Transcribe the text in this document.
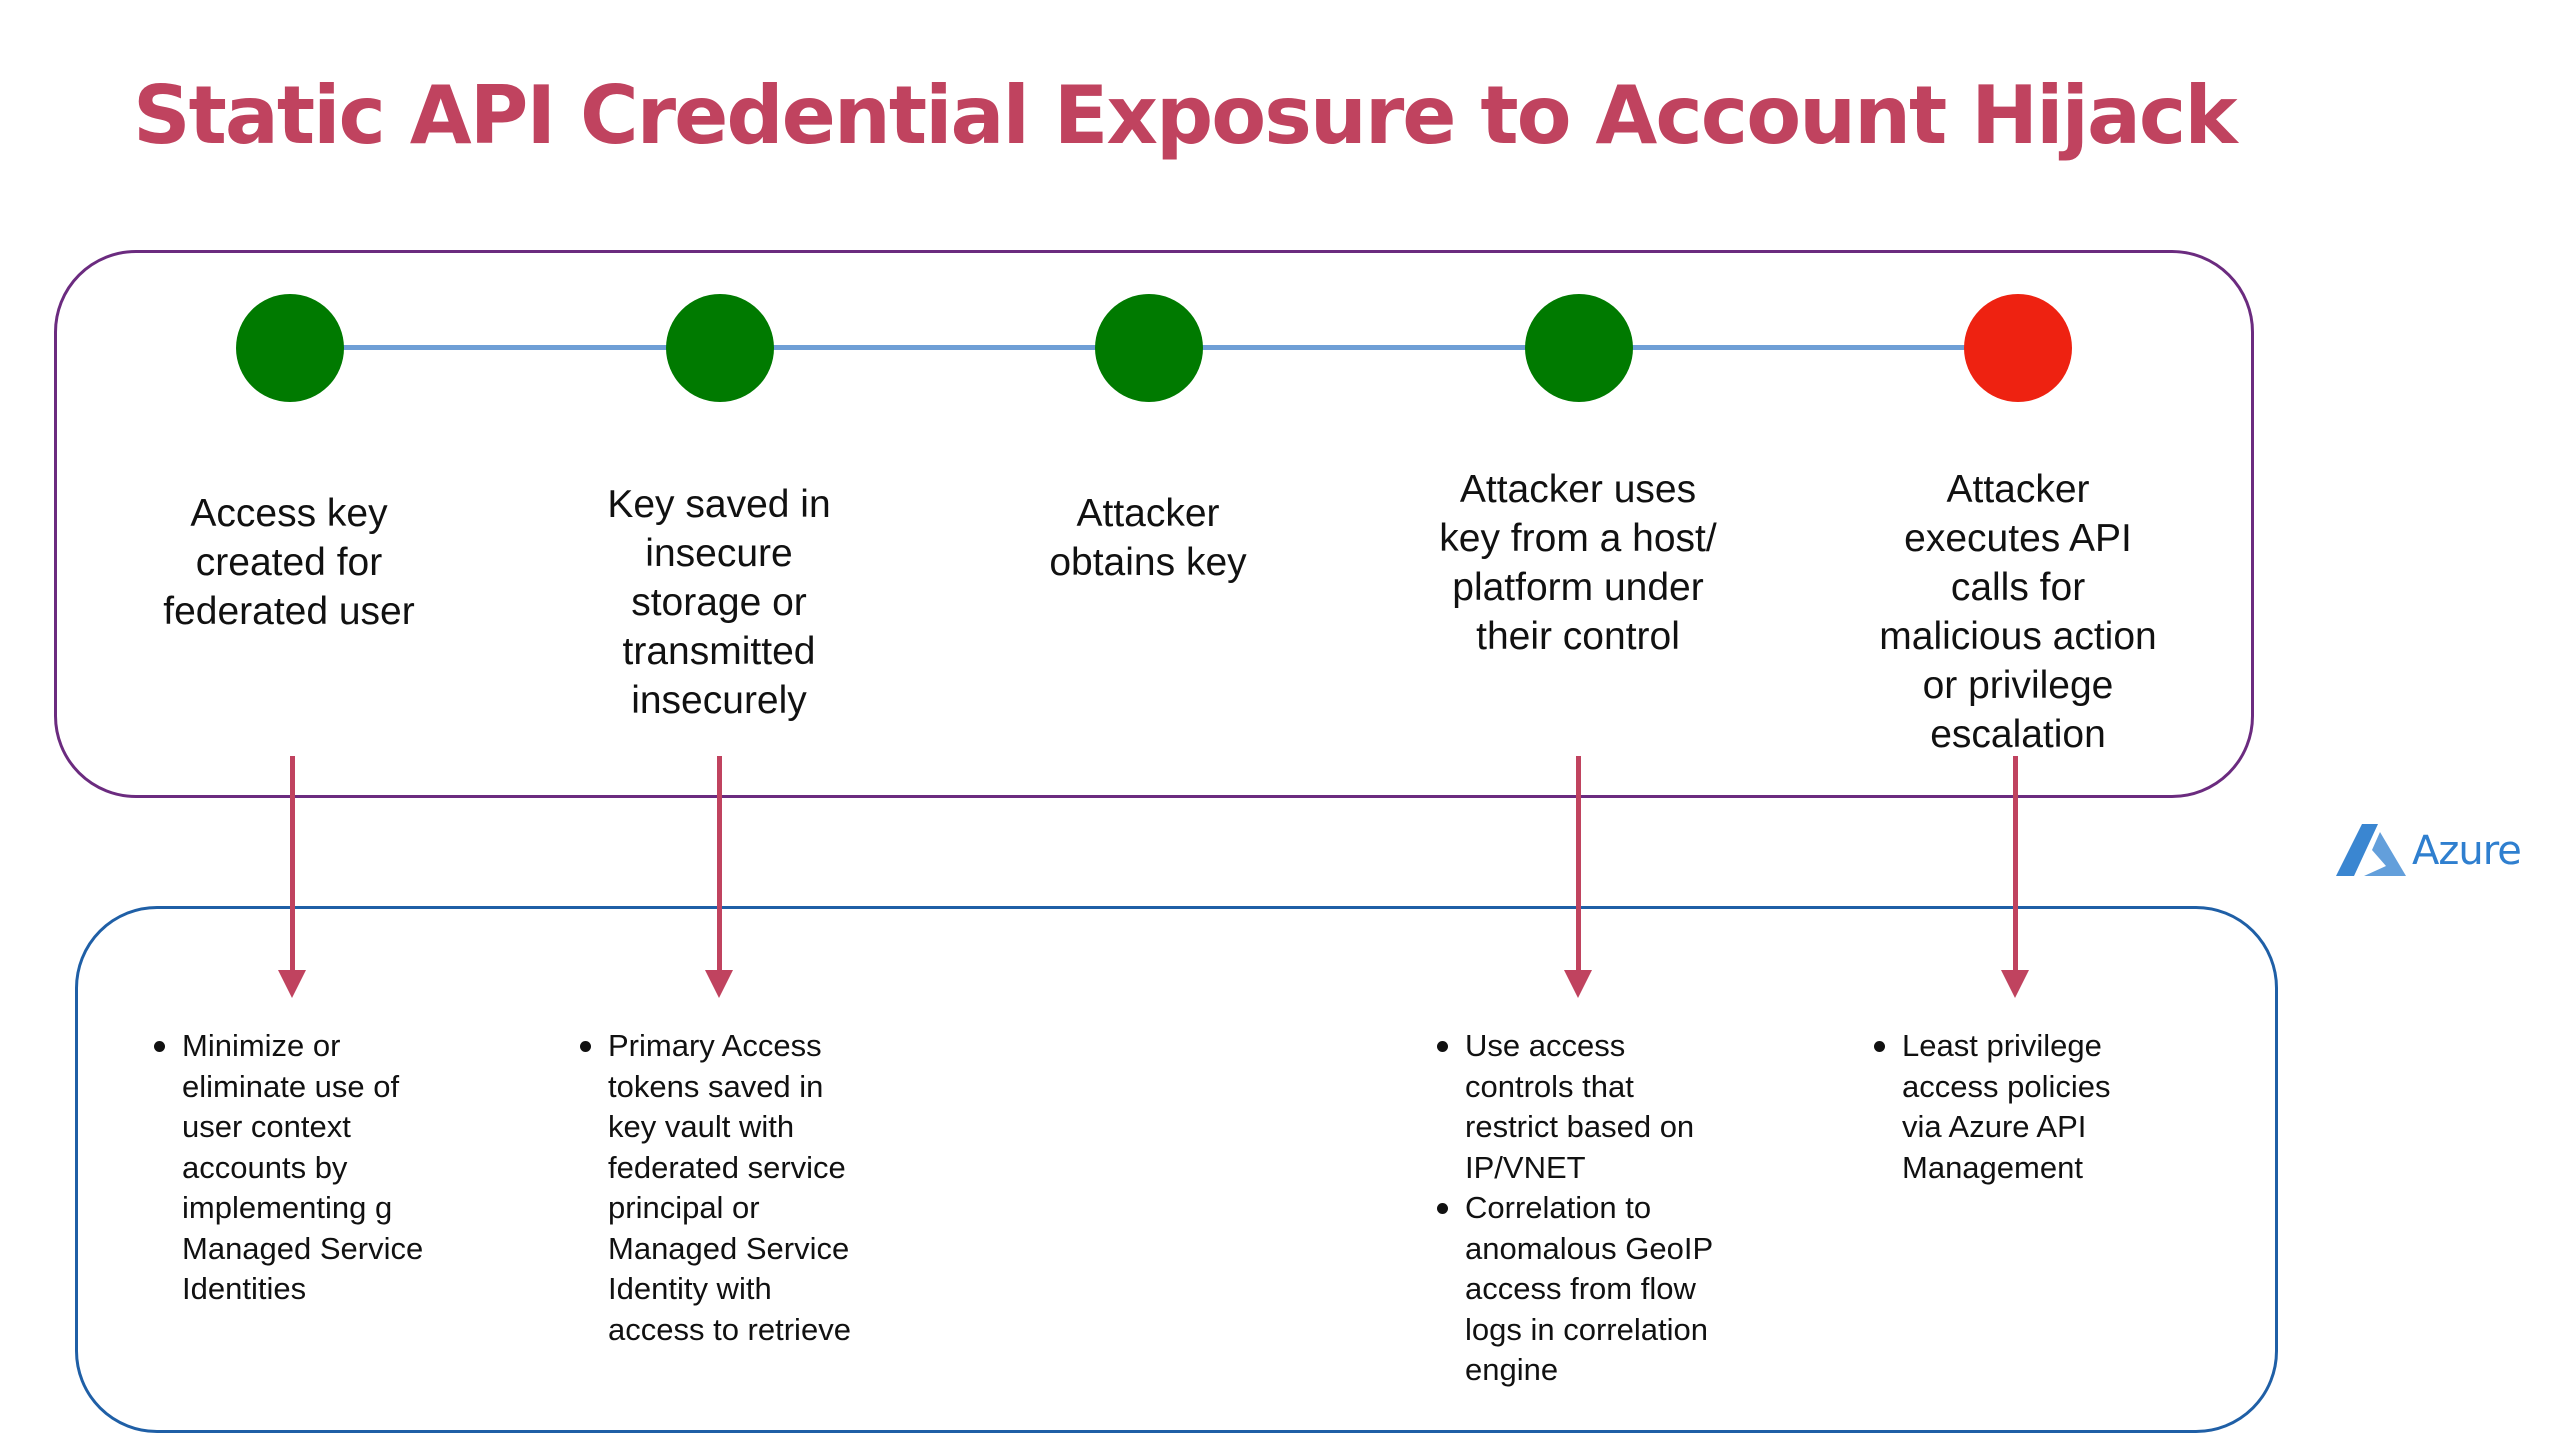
Static API Credential Exposure to Account Hijack
Access key
created for
federated user
Key saved in
insecure
storage or
transmitted
insecurely
Attacker
obtains key
Attacker uses
key from a host/
platform under
their control
Attacker
executes API
calls for
malicious action
or privilege
escalation
Minimize or
eliminate use of
user context
accounts by
implementing g
Managed Service
Identities
Primary Access
tokens saved in
key vault with
federated service
principal or
Managed Service
Identity with
access to retrieve
Use access
controls that
restrict based on
IP/VNET
Correlation to
anomalous GeoIP
access from flow
logs in correlation
engine
Least privilege
access policies
via Azure API
Management
Azure
